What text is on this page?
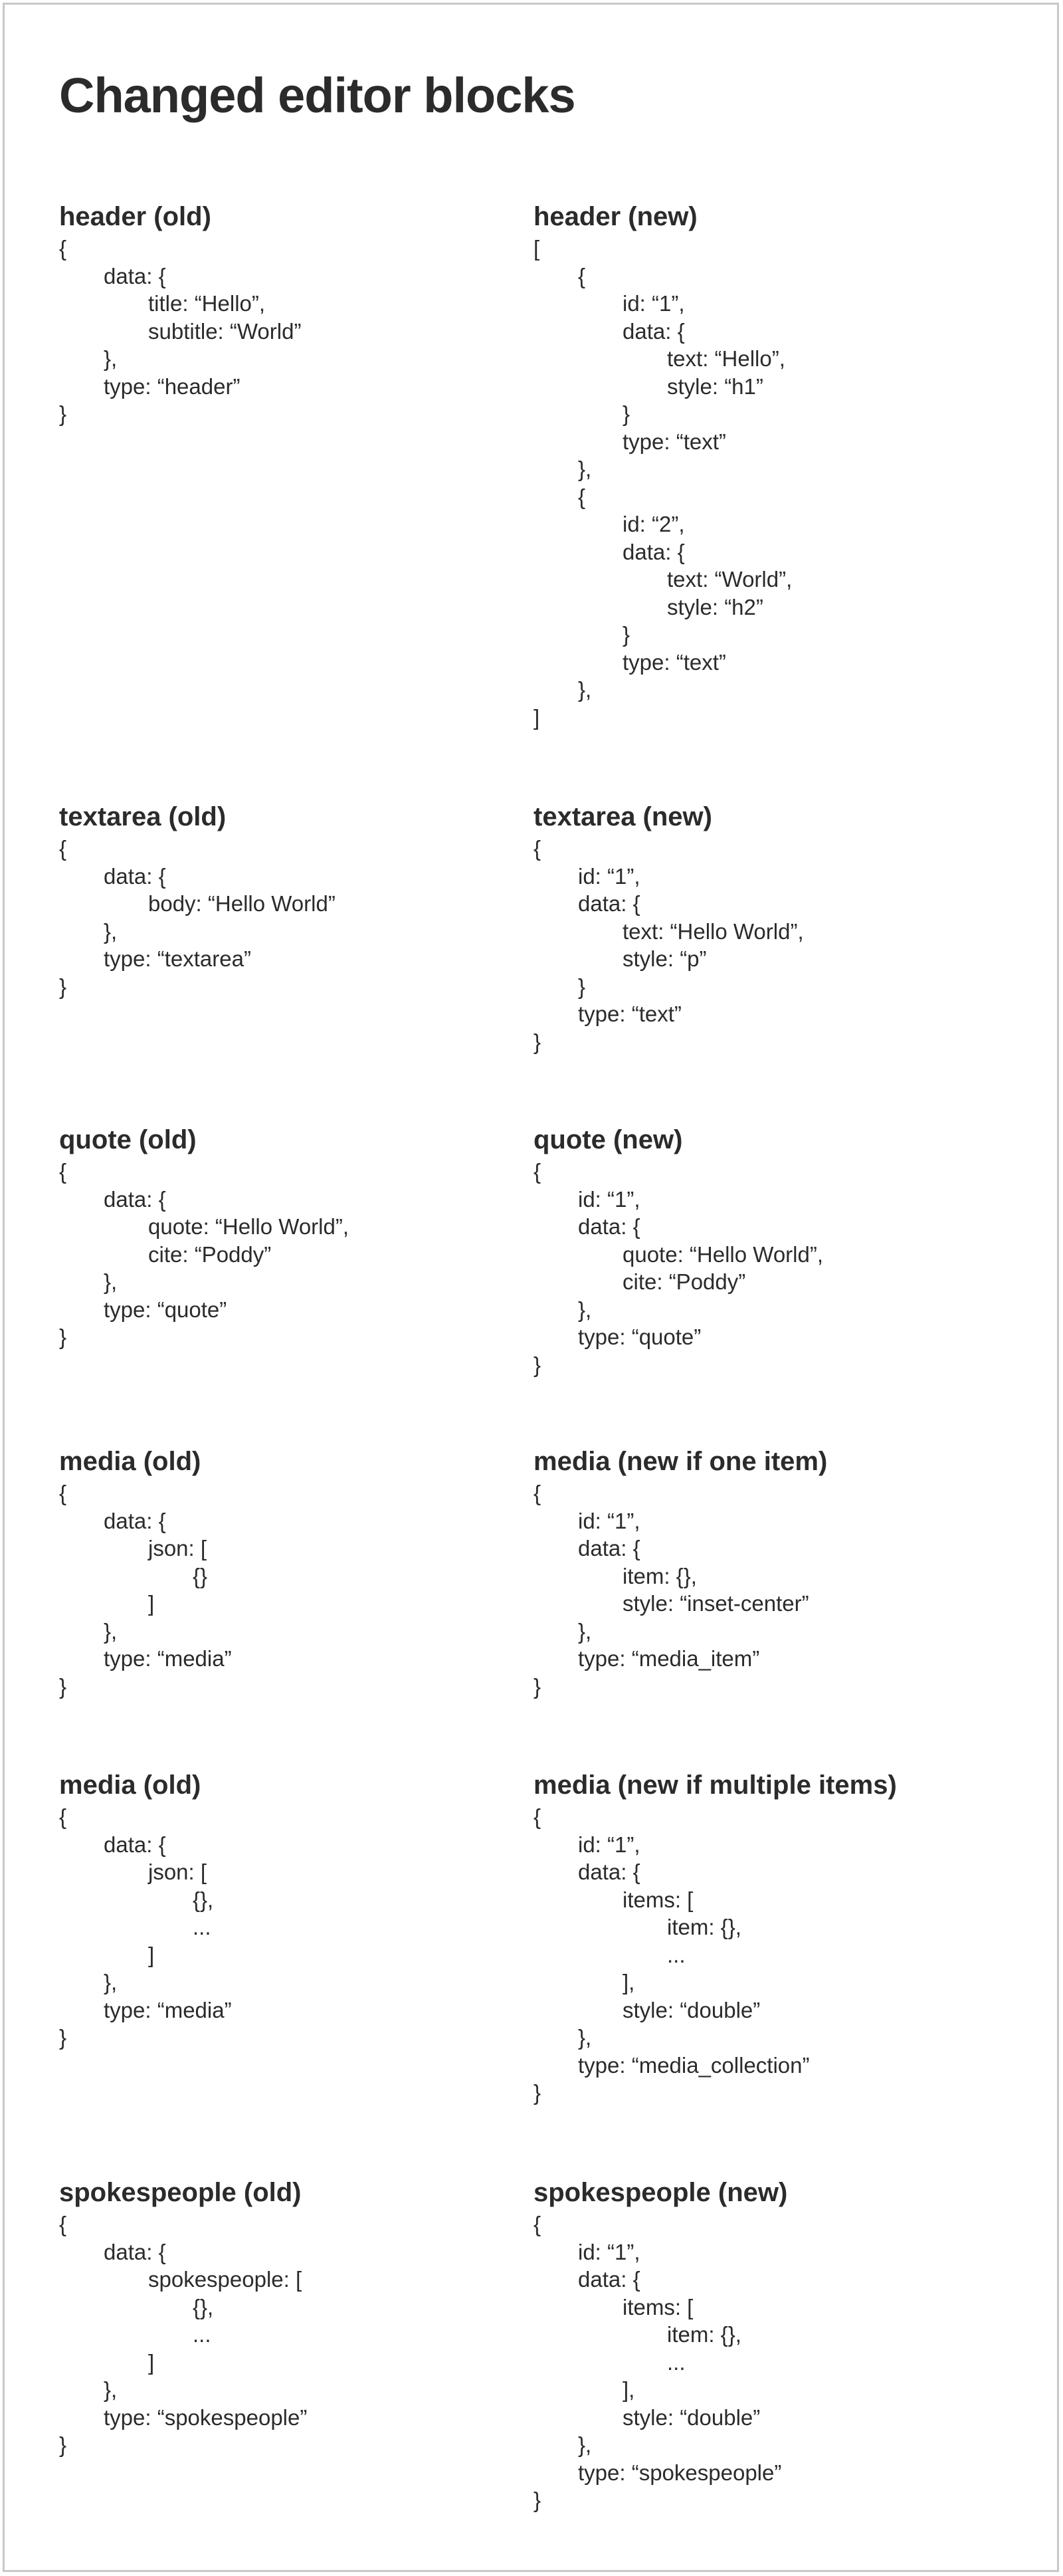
Changed editor blocks
header (old)
{
data: {
title: “Hello”,
subtitle: “World”
},
type: “header”
}
header (new)
[
{
id: “1”,
data: {
text: “Hello”,
style: “h1”
}
type: “text”
},
{
id: “2”,
data: {
text: “World”,
style: “h2”
}
type: “text”
},
]
textarea (old)
{
data: {
body: “Hello World”
},
type: “textarea”
}
textarea (new)
{
id: “1”,
data: {
text: “Hello World”,
style: “p”
}
type: “text”
}
quote (old)
{
data: {
quote: “Hello World”,
cite: “Poddy”
},
type: “quote”
}
quote (new)
{
id: “1”,
data: {
quote: “Hello World”,
cite: “Poddy”
},
type: “quote”
}
media (old)
{
data: {
json: [
{}
]
},
type: “media”
}
media (new if one item)
{
id: “1”,
data: {
item: {},
style: “inset-center”
},
type: “media_item”
}
media (old)
{
data: {
json: [
{},
...
]
},
type: “media”
}
media (new if multiple items)
{
id: “1”,
data: {
items: [
item: {},
...
],
style: “double”
},
type: “media_collection”
}
spokespeople (old)
{
data: {
spokespeople: [
{},
...
]
},
type: “spokespeople”
}
spokespeople (new)
{
id: “1”,
data: {
items: [
item: {},
...
],
style: “double”
},
type: “spokespeople”
}
